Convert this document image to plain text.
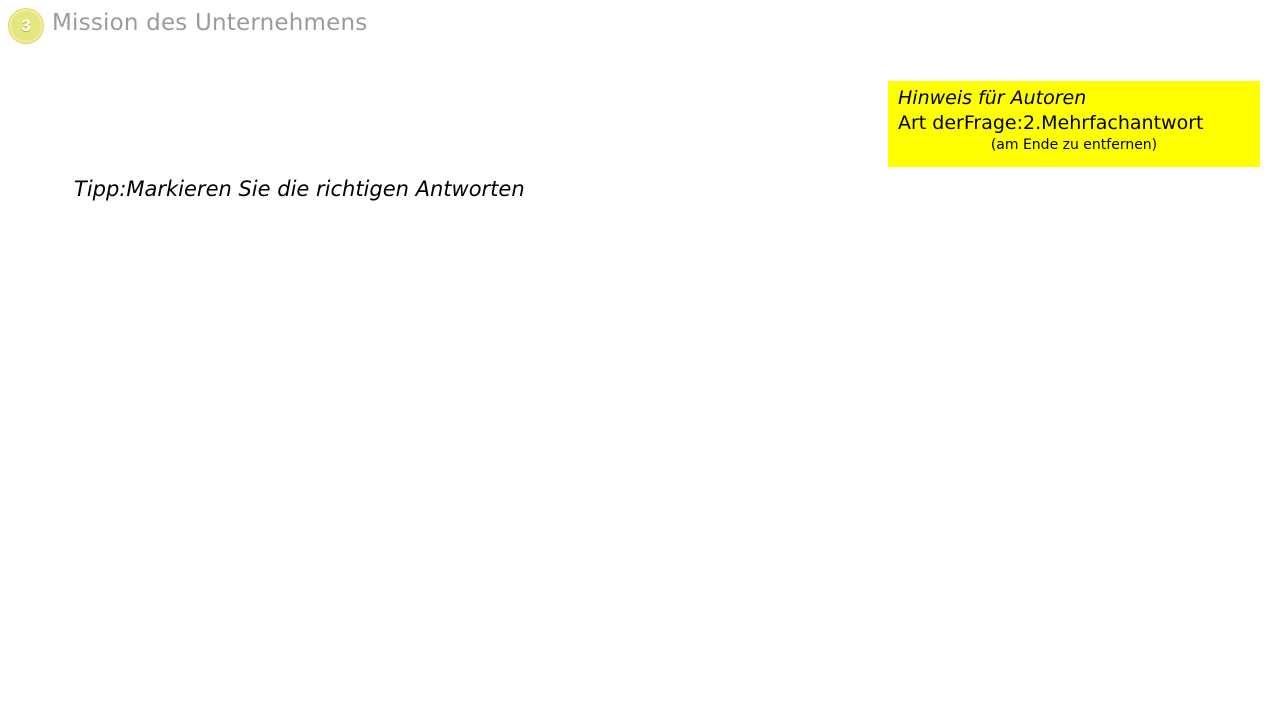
3 Mission des Unternehmens
Hinweis für Autoren
Art derFrage:2.Mehrfachantwort
(am Ende zu entfernen)
Tipp:Markieren Sie die richtigen Antworten
